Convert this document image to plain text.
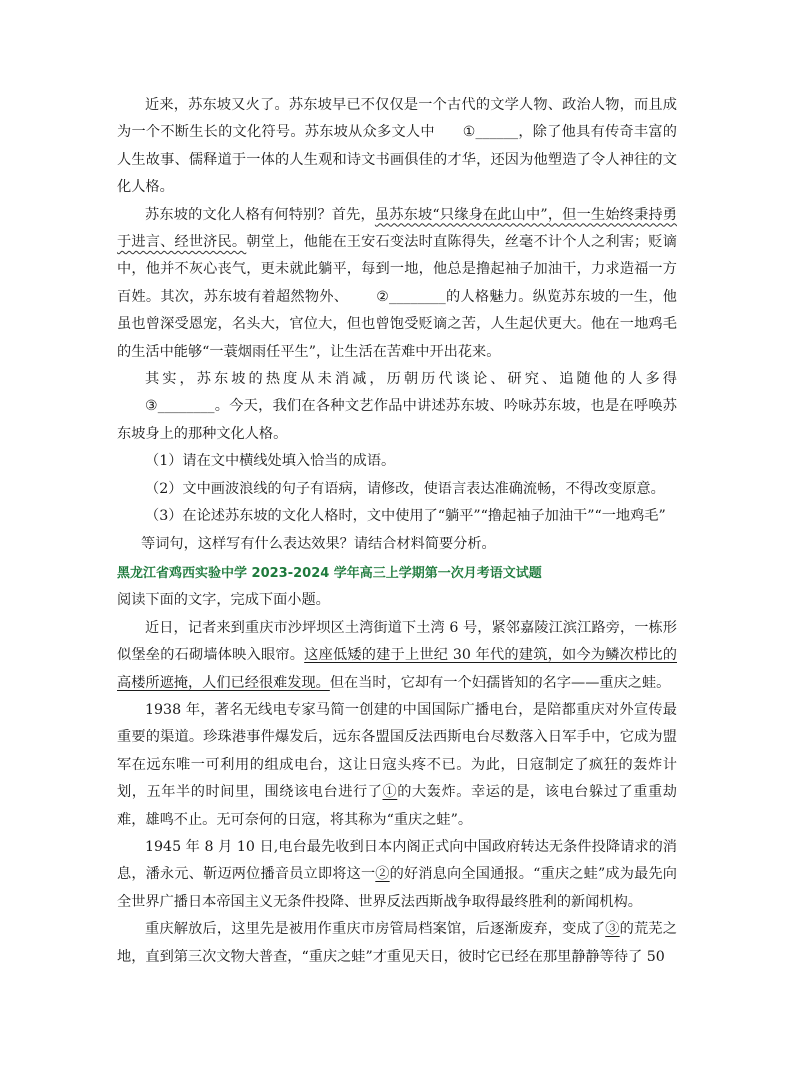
近来，苏东坡又火了。苏东坡早已不仅仅是一个古代的文学人物、政治人物，而且成为一个不断生长的文化符号。苏东坡从众多文人中 ①______，除了他具有传奇丰富的人生故事、儒释道于一体的人生观和诗文书画俱佳的才华，还因为他塑造了令人神往的文化人格。

苏东坡的文化人格有何特别？首先，虽苏东坡“只缘身在此山中”，但一生始终秉持勇于进言、经世济民。朝堂上，他能在王安石变法时直陈得失，丝毫不计个人之利害；贬谪中，他并不灰心丧气，更未就此躺平，每到一地，他总是撸起袖子加油干，力求造福一方百姓。其次，苏东坡有着超然物外、 ②________的人格魅力。纵览苏东坡的一生，他虽也曾深受恩宠，名头大，官位大，但也曾饱受贬谪之苦，人生起伏更大。他在一地鸡毛的生活中能够“一蓑烟雨任平生”，让生活在苦难中开出花来。

其实，苏东坡的热度从未消减，历朝历代谈论、研究、追随他的人多得③________。今天，我们在各种文艺作品中讲述苏东坡、吟咏苏东坡，也是在呼唤苏东坡身上的那种文化人格。

（1）请在文中横线处填入恰当的成语。

（2）文中画波浪线的句子有语病，请修改，使语言表达准确流畅，不得改变原意。

（3）在论述苏东坡的文化人格时，文中使用了“躺平”“撸起袖子加油干”“一地鸡毛”
等词句，这样写有什么表达效果？请结合材料简要分析。

黑龙江省鸡西实验中学 2023-2024 学年高三上学期第一次月考语文试题

阅读下面的文字，完成下面小题。

近日，记者来到重庆市沙坪坝区土湾街道下土湾 6 号，紧邻嘉陵江滨江路旁，一栋形似堡垒的石砌墙体映入眼帘。这座低矮的建于上世纪 30 年代的建筑，如今为鳞次栉比的高楼所遮掩，人们已经很难发现。但在当时，它却有一个妇孺皆知的名字——重庆之蛙。

1938 年，著名无线电专家马简一创建的中国国际广播电台，是陪都重庆对外宣传最重要的渠道。珍珠港事件爆发后，远东各盟国反法西斯电台尽数落入日军手中，它成为盟军在远东唯一可利用的组成电台，这让日寇头疼不已。为此，日寇制定了疯狂的轰炸计划，五年半的时间里，围绕该电台进行了①的大轰炸。幸运的是，该电台躲过了重重劫难，雄鸣不止。无可奈何的日寇，将其称为“重庆之蛙”。

1945 年 8 月 10 日,电台最先收到日本内阁正式向中国政府转达无条件投降请求的消息，潘永元、靳迈两位播音员立即将这一②的好消息向全国通报。“重庆之蛙”成为最先向全世界广播日本帝国主义无条件投降、世界反法西斯战争取得最终胜利的新闻机构。

重庆解放后，这里先是被用作重庆市房管局档案馆，后逐渐废弃，变成了③的荒芜之地，直到第三次文物大普查，“重庆之蛙”才重见天日，彼时它已经在那里静静等待了 50
